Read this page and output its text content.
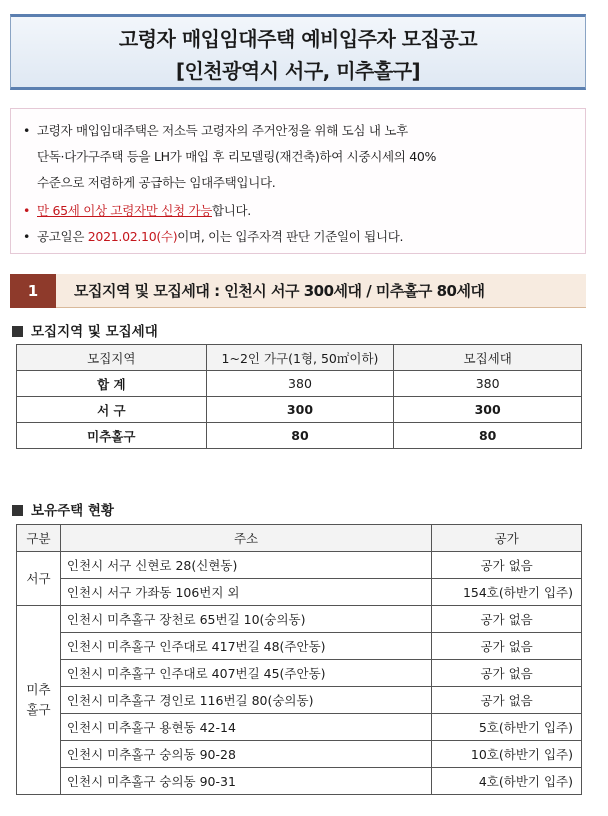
고령자 매입임대주택 예비입주자 모집공고
[인천광역시 서구, 미추홀구]
• 고령자 매입임대주택은 저소득 고령자의 주거안정을 위해 도심 내 노후
단독·다가구주택 등을 LH가 매입 후 리모델링(재건축)하여 시중시세의 40%
수준으로 저렴하게 공급하는 임대주택입니다.
• 만 65세 이상 고령자만 신청 가능합니다.
• 공고일은 2021.02.10(수)이며, 이는 입주자격 판단 기준일이 됩니다.
1	모집지역 및 모집세대 : 인천시 서구 300세대 / 미추홀구 80세대
모집지역 및 모집세대
모집지역	1~2인 가구(1형, 50㎡이하)	모집세대
합 계	380	380
서 구	300	300
미추홀구	80	80
보유주택 현황
구분	주소	공가
서구	인천시 서구 신현로 28(신현동)	공가 없음
	인천시 서구 가좌동 106번지 외	154호(하반기 입주)

미추
홀구	인천시 미추홀구 장천로 65번길 10(숭의동)	공가 없음
	인천시 미추홀구 인주대로 417번길 48(주안동)	공가 없음
	인천시 미추홀구 인주대로 407번길 45(주안동)	공가 없음
	인천시 미추홀구 경인로 116번길 80(숭의동)	공가 없음
	인천시 미추홀구 용현동 42-14	5호(하반기 입주)
	인천시 미추홀구 숭의동 90-28	10호(하반기 입주)
	인천시 미추홀구 숭의동 90-31	4호(하반기 입주)
